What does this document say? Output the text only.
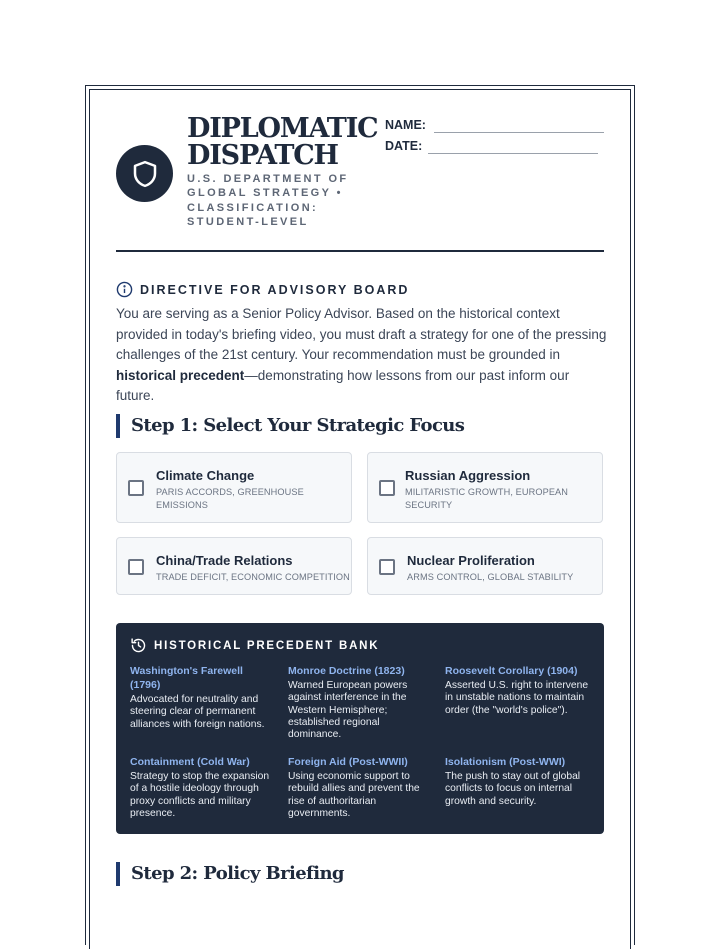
DIPLOMATIC
DISPATCH

U.S. DEPARTMENT OF GLOBAL STRATEGY • CLASSIFICATION: STUDENT-LEVEL

NAME:
DATE:
DIRECTIVE FOR ADVISORY BOARD

You are serving as a Senior Policy Advisor. Based on the historical context provided in today's briefing video, you must draft a strategy for one of the pressing challenges of the 21st century. Your recommendation must be grounded in historical precedent—demonstrating how lessons from our past inform our future.

Step 1: Select Your Strategic Focus
Climate Change
PARIS ACCORDS, GREENHOUSE EMISSIONS
Russian Aggression
MILITARISTIC GROWTH, EUROPEAN SECURITY
China/Trade Relations
TRADE DEFICIT, ECONOMIC COMPETITION
Nuclear Proliferation
ARMS CONTROL, GLOBAL STABILITY
HISTORICAL PRECEDENT BANK
Washington's Farewell (1796)
Advocated for neutrality and steering clear of permanent alliances with foreign nations.
Monroe Doctrine (1823)
Warned European powers against interference in the Western Hemisphere; established regional dominance.
Roosevelt Corollary (1904)
Asserted U.S. right to intervene in unstable nations to maintain order (the "world's police").
Containment (Cold War)
Strategy to stop the expansion of a hostile ideology through proxy conflicts and military presence.
Foreign Aid (Post-WWII)
Using economic support to rebuild allies and prevent the rise of authoritarian governments.
Isolationism (Post-WWI)
The push to stay out of global conflicts to focus on internal growth and security.
Step 2: Policy Briefing
